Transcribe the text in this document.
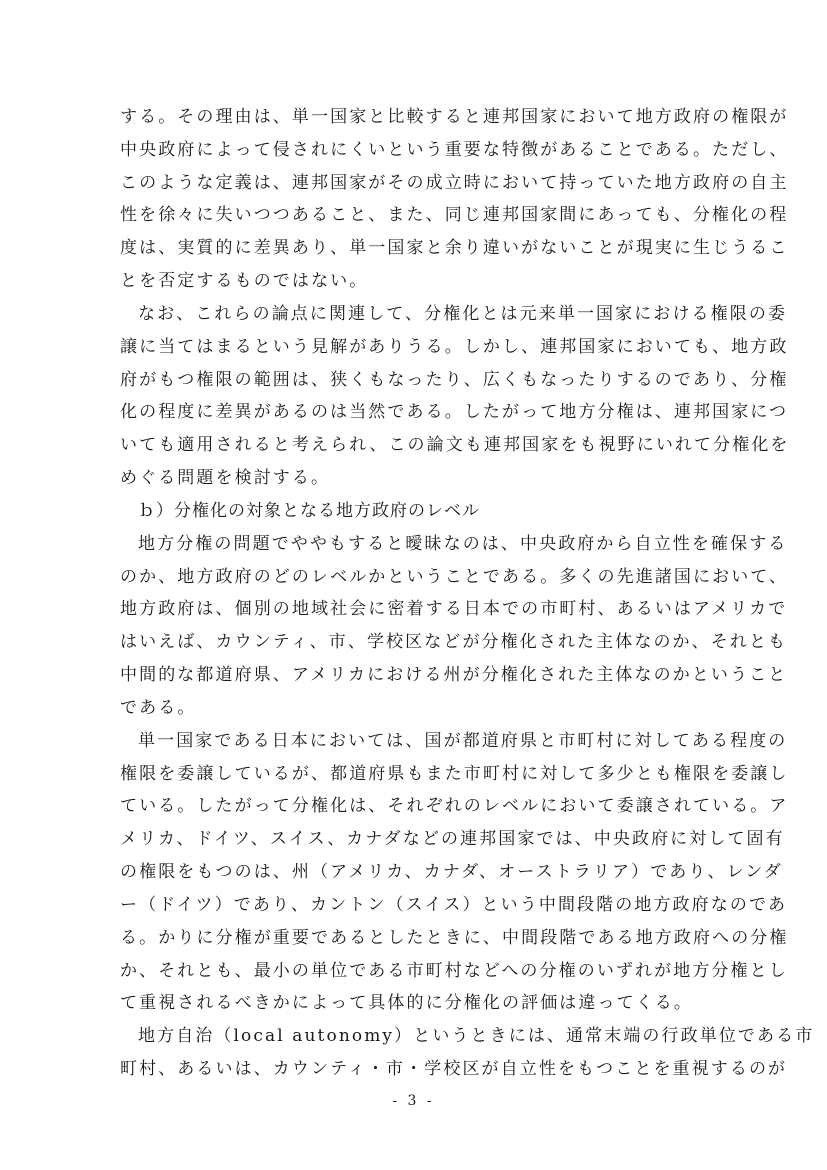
する。その理由は、単一国家と比較すると連邦国家において地方政府の権限が
中央政府によって侵されにくいという重要な特徴があることである。ただし、
このような定義は、連邦国家がその成立時において持っていた地方政府の自主
性を徐々に失いつつあること、また、同じ連邦国家間にあっても、分権化の程
度は、実質的に差異あり、単一国家と余り違いがないことが現実に生じうるこ
とを否定するものではない。
なお、これらの論点に関連して、分権化とは元来単一国家における権限の委
譲に当てはまるという見解がありうる。しかし、連邦国家においても、地方政
府がもつ権限の範囲は、狭くもなったり、広くもなったりするのであり、分権
化の程度に差異があるのは当然である。したがって地方分権は、連邦国家につ
いても適用されると考えられ、この論文も連邦国家をも視野にいれて分権化を
めぐる問題を検討する。
ｂ）分権化の対象となる地方政府のレベル
地方分権の問題でややもすると曖昧なのは、中央政府から自立性を確保する
のか、地方政府のどのレベルかということである。多くの先進諸国において、
地方政府は、個別の地域社会に密着する日本での市町村、あるいはアメリカで
はいえば、カウンティ、市、学校区などが分権化された主体なのか、それとも
中間的な都道府県、アメリカにおける州が分権化された主体なのかということ
である。
単一国家である日本においては、国が都道府県と市町村に対してある程度の
権限を委譲しているが、都道府県もまた市町村に対して多少とも権限を委譲し
ている。したがって分権化は、それぞれのレベルにおいて委譲されている。ア
メリカ、ドイツ、スイス、カナダなどの連邦国家では、中央政府に対して固有
の権限をもつのは、州（アメリカ、カナダ、オーストラリア）であり、レンダ
ー（ドイツ）であり、カントン（スイス）という中間段階の地方政府なのであ
る。かりに分権が重要であるとしたときに、中間段階である地方政府への分権
か、それとも、最小の単位である市町村などへの分権のいずれが地方分権とし
て重視されるべきかによって具体的に分権化の評価は違ってくる。
地方自治（local autonomy）というときには、通常末端の行政単位である市
町村、あるいは、カウンティ・市・学校区が自立性をもつことを重視するのが
- 3 -
